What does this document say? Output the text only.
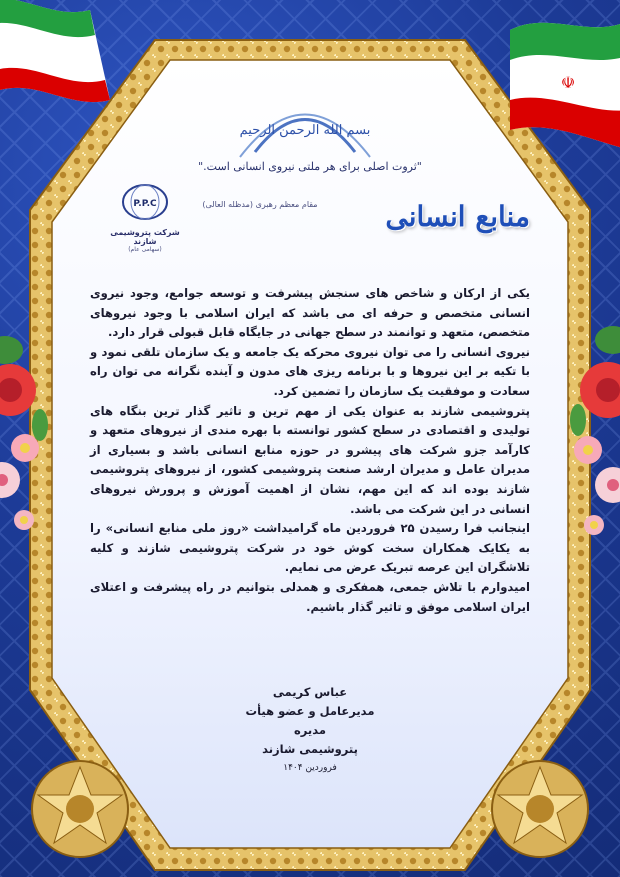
☫
بسم الله الرحمن الرحیم
"ثروت اصلی برای هر ملتی نیروی انسانی است."
مقام معظم رهبری (مدظله العالی)	منابع انسانی
P.P.C
شرکت پتروشیمی شازند
(سهامی عام)

یکی از ارکان و شاخص های سنجش پیشرفت و توسعه جوامع، وجود نیروی انسانی متخصص و حرفه ای می باشد که ایران اسلامی با وجود نیروهای متخصص، متعهد و توانمند در سطح جهانی در جایگاه قابل قبولی قرار دارد.

نیروی انسانی را می توان نیروی محرکه یک جامعه و یک سازمان تلقی نمود و با تکیه بر این نیروها و با برنامه ریزی های مدون و آینده نگرانه می توان راه سعادت و موفقیت یک سازمان را تضمین کرد.

پتروشیمی شازند به عنوان یکی از مهم ترین و تاثیر گذار ترین بنگاه های تولیدی و اقتصادی در سطح کشور توانسته با بهره مندی از نیروهای متعهد و کارآمد جزو شرکت های پیشرو در حوزه منابع انسانی باشد و بسیاری از مدیران عامل و مدیران ارشد صنعت پتروشیمی کشور، از نیروهای پتروشیمی شازند بوده اند که این مهم، نشان از اهمیت آموزش و پرورش نیروهای انسانی در این شرکت می باشد.

اینجانب فرا رسیدن ۲۵ فروردین ماه گرامیداشت «روز ملی منابع انسانی» را به یکایک همکاران سخت کوش خود در شرکت پتروشیمی شازند و کلیه تلاشگران این عرصه تبریک عرض می نمایم.

امیدوارم با تلاش جمعی، همفکری و همدلی بتوانیم در راه پیشرفت و اعتلای ایران اسلامی موفق و تاثیر گذار باشیم.

عباس کریمی
مدیرعامل و عضو هیأت مدیره
پتروشیمی شازند
فروردین ۱۴۰۴
